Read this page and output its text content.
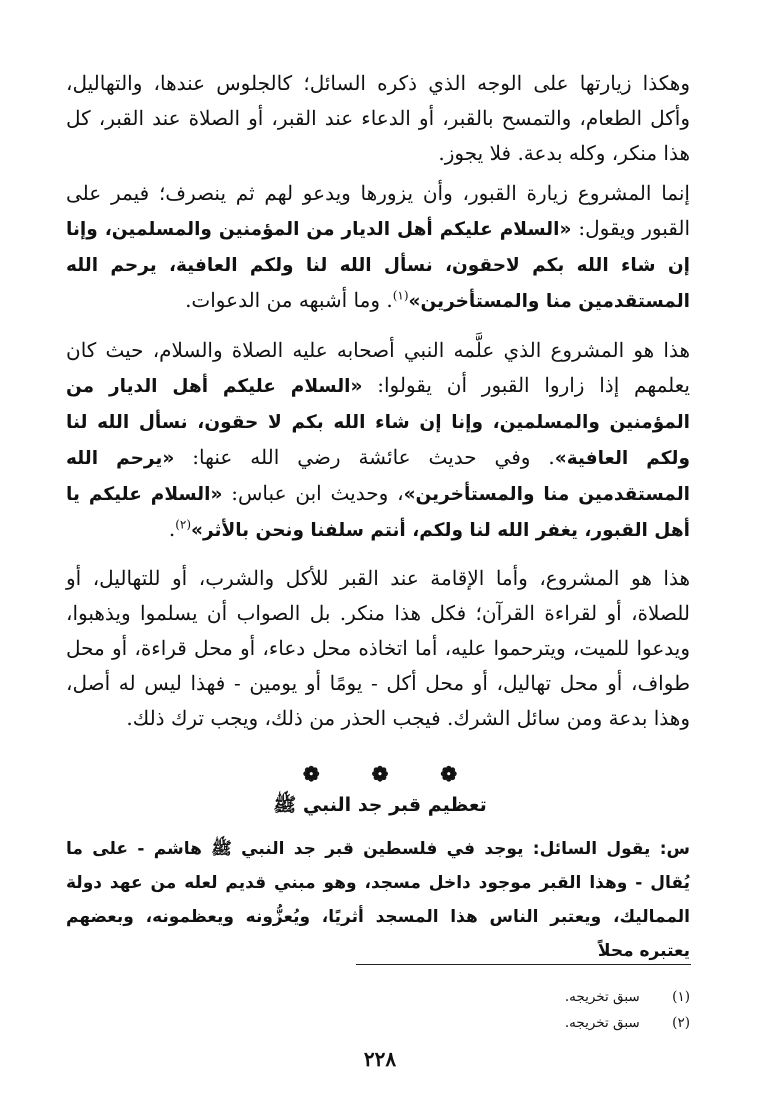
وهكذا زيارتها على الوجه الذي ذكره السائل؛ كالجلوس عندها، والتهاليل، وأكل الطعام، والتمسح بالقبر، أو الدعاء عند القبر، أو الصلاة عند القبر، كل هذا منكر، وكله بدعة. فلا يجوز.

إنما المشروع زيارة القبور، وأن يزورها ويدعو لهم ثم ينصرف؛ فيمر على القبور ويقول: «السلام عليكم أهل الديار من المؤمنين والمسلمين، وإنا إن شاء الله بكم لاحقون، نسأل الله لنا ولكم العافية، يرحم الله المستقدمين منا والمستأخرين»$^{(١)}$. وما أشبهه من الدعوات.

هذا هو المشروع الذي علَّمه النبي أصحابه عليه الصلاة والسلام، حيث كان يعلمهم إذا زاروا القبور أن يقولوا: «السلام عليكم أهل الديار من المؤمنين والمسلمين، وإنا إن شاء الله بكم لا حقون، نسأل الله لنا ولكم العافية». وفي حديث عائشة رضي الله عنها: «يرحم الله المستقدمين منا والمستأخرين»، وحديث ابن عباس: «السلام عليكم يا أهل القبور، يغفر الله لنا ولكم، أنتم سلفنا ونحن بالأثر»$^{(٢)}$.

هذا هو المشروع، وأما الإقامة عند القبر للأكل والشرب، أو للتهاليل، أو للصلاة، أو لقراءة القرآن؛ فكل هذا منكر. بل الصواب أن يسلموا ويذهبوا، ويدعوا للميت، ويترحموا عليه، أما اتخاذه محل دعاء، أو محل قراءة، أو محل طواف، أو محل تهاليل، أو محل أكل - يومًا أو يومين - فهذا ليس له أصل، وهذا بدعة ومن سائل الشرك. فيجب الحذر من ذلك، ويجب ترك ذلك.

❁	❁	❁
تعظيم قبر جد النبي ﷺ

س: يقول السائل: يوجد في فلسطين قبر جد النبي ﷺ هاشم - على ما يُقال - وهذا القبر موجود داخل مسجد، وهو مبني قديم لعله من عهد دولة المماليك، ويعتبر الناس هذا المسجد أثريًا، ويُعزُّونه ويعظمونه، وبعضهم يعتبره محلاً

(١) سبق تخريجه.
(٢) سبق تخريجه.

٢٢٨
